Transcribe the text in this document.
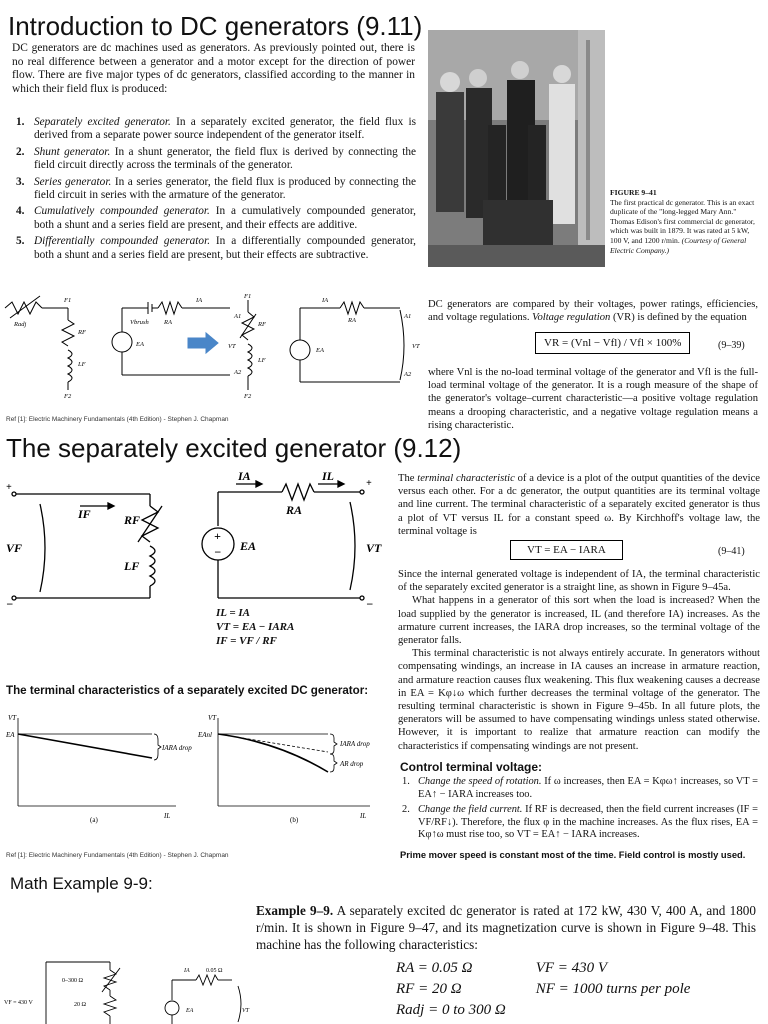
Introduction to DC generators (9.11)
DC generators are dc machines used as generators. As previously pointed out, there is no real difference between a generator and a motor except for the direction of power flow. There are five major types of dc generators, classified according to the manner in which their field flux is produced:
1. Separately excited generator. In a separately excited generator, the field flux is derived from a separate power source independent of the generator itself.
2. Shunt generator. In a shunt generator, the field flux is derived by connecting the field circuit directly across the terminals of the generator.
3. Series generator. In a series generator, the field flux is produced by connecting the field circuit in series with the armature of the generator.
4. Cumulatively compounded generator. In a cumulatively compounded generator, both a shunt and a series field are present, and their effects are additive.
5. Differentially compounded generator. In a differentially compounded generator, both a shunt and a series field are present, but their effects are subtractive.
FIGURE 9–41
The first practical dc generator. This is an exact duplicate of the "long-legged Mary Ann." Thomas Edison's first commercial dc generator, which was built in 1879. It was rated at 5 kW, 100 V, and 1200 r/min. (Courtesy of General Electric Company.)
Radj
F1
F2
RF
LF
Vbrush RA
IA
EA
A1
A2
VT
F1
RF
LF
F2
IA
RA
EA
A1
VT
A2
DC generators are compared by their voltages, power ratings, efficiencies, and voltage regulations. Voltage regulation (VR) is defined by the equation
VR = (Vnl − Vfl) / Vfl × 100%	(9–39)
where Vnl is the no-load terminal voltage of the generator and Vfl is the full-load terminal voltage of the generator. It is a rough measure of the shape of the generator's voltage–current characteristic—a positive voltage regulation means a drooping characteristic, and a negative voltage regulation means a rising characteristic.
Ref [1]: Electric Machinery Fundamentals (4th Edition) - Stephen J. Chapman
The separately excited generator (9.12)
+
−
IF	RF
LF
VF
IA	IL
RA
+
− EA	VT
+
−
IL = IA
VT = EA − IARA
IF = VF / RF
The terminal characteristics of a separately excited DC generator:
VT
EA
IARA drop
IL
(a)
VT
EAnl
IARA drop
AR drop
IL
(b)
Ref [1]: Electric Machinery Fundamentals (4th Edition) - Stephen J. Chapman
The terminal characteristic of a device is a plot of the output quantities of the device versus each other. For a dc generator, the output quantities are its terminal voltage and line current. The terminal characteristic of a separately excited generator is thus a plot of VT versus IL for a constant speed ω. By Kirchhoff's voltage law, the terminal voltage is
VT = EA − IARA	(9–41)
Since the internal generated voltage is independent of IA, the terminal characteristic of the separately excited generator is a straight line, as shown in Figure 9–45a.
What happens in a generator of this sort when the load is increased? When the load supplied by the generator is increased, IL (and therefore IA) increases. As the armature current increases, the IARA drop increases, so the terminal voltage of the generator falls.
This terminal characteristic is not always entirely accurate. In generators without compensating windings, an increase in IA causes an increase in armature reaction, and armature reaction causes flux weakening. This flux weakening causes a decrease in EA = Kφ↓ω which further decreases the terminal voltage of the generator. The resulting terminal characteristic is shown in Figure 9–45b. In all future plots, the generators will be assumed to have compensating windings unless stated otherwise. However, it is important to realize that armature reaction can modify the characteristics if compensating windings are not present.
Control terminal voltage:
1. Change the speed of rotation. If ω increases, then EA = Kφω↑ increases, so VT = EA↑ − IARA increases too.
2. Change the field current. If RF is decreased, then the field current increases (IF = VF/RF↓). Therefore, the flux φ in the machine increases. As the flux rises, EA = Kφ↑ω must rise too, so VT = EA↑ − IARA increases.
Prime mover speed is constant most of the time. Field control is mostly used.
Math Example 9-9:
Example 9–9. A separately excited dc generator is rated at 172 kW, 430 V, 400 A, and 1800 r/min. It is shown in Figure 9–47, and its magnetization curve is shown in Figure 9–48. This machine has the following characteristics:
RA = 0.05 Ω	VF = 430 V
RF = 20 Ω	NF = 1000 turns per pole
Radj = 0 to 300 Ω	
0–300 Ω
20 Ω
VF = 430 V
IA	0.05 Ω
EA	VT
